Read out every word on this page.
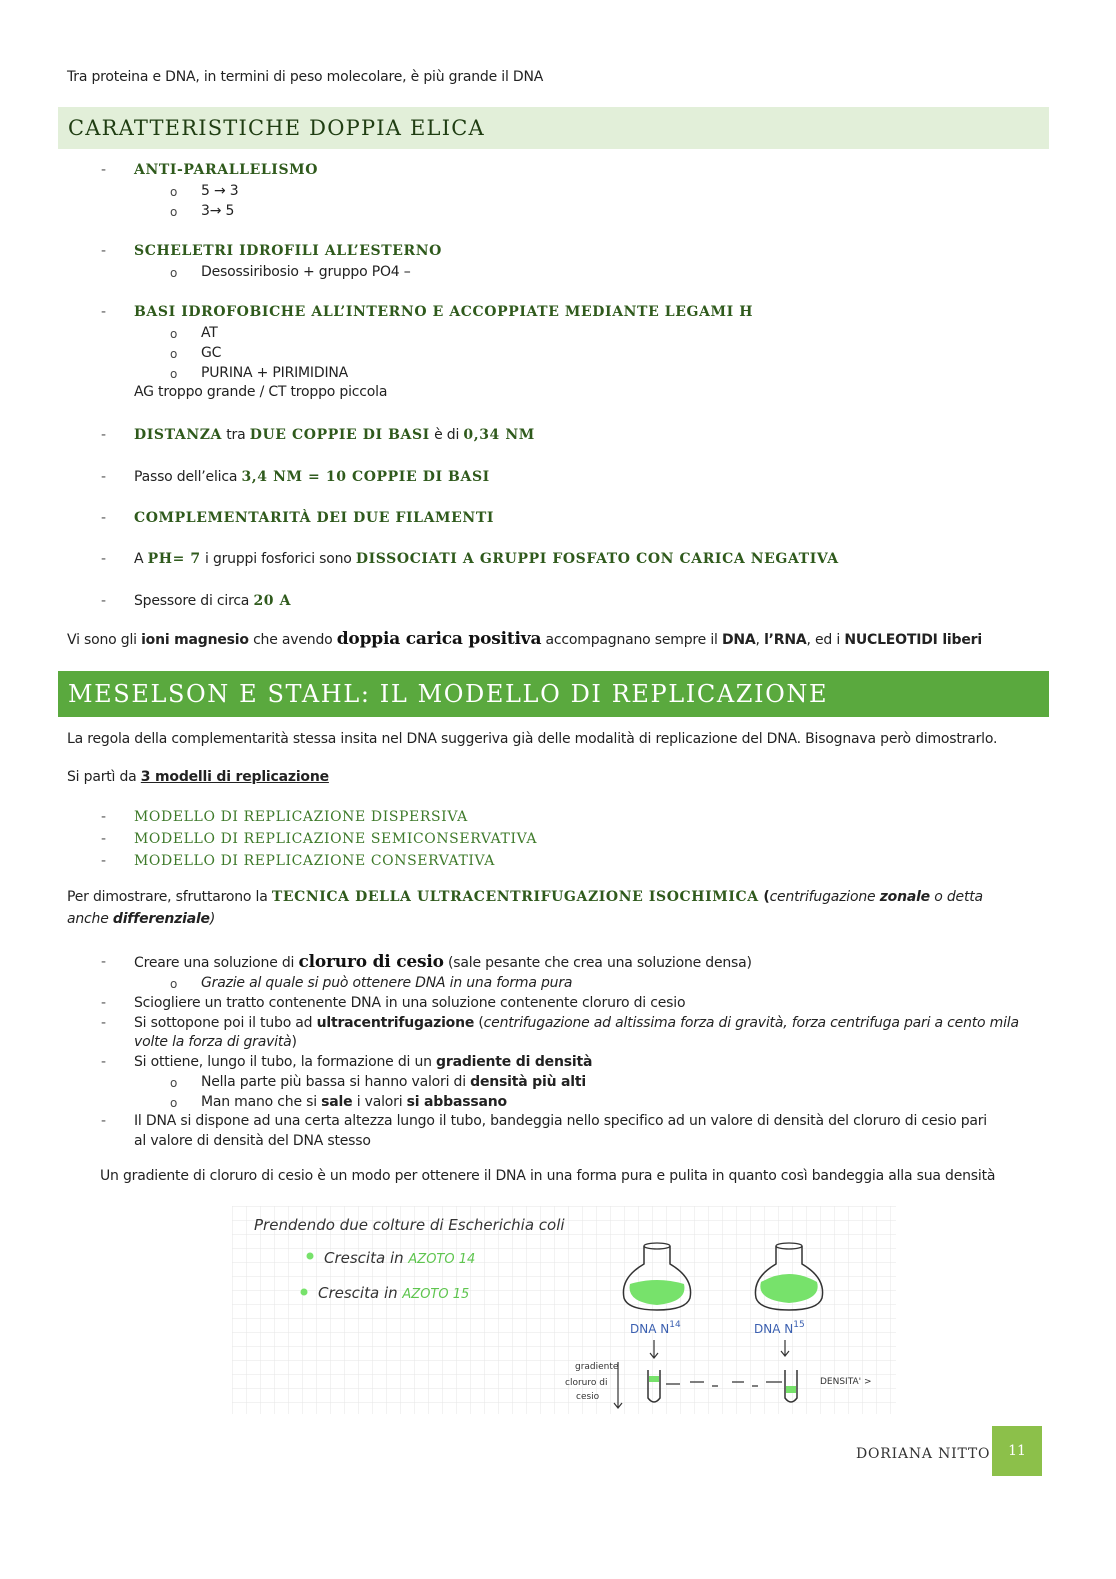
Tra proteina e DNA, in termini di peso molecolare, è più grande il DNA
CARATTERISTICHE DOPPIA ELICA
- ANTI-PARALLELISMO
o 5 → 3
o 3→ 5
- SCHELETRI IDROFILI ALL’ESTERNO
o Desossiribosio + gruppo PO4 –
- BASI IDROFOBICHE ALL’INTERNO E ACCOPPIATE MEDIANTE LEGAMI H
o AT
o GC
o PURINA + PIRIMIDINA
AG troppo grande / CT troppo piccola
- DISTANZA tra DUE COPPIE DI BASI è di 0,34 NM
- Passo dell’elica 3,4 NM = 10 COPPIE DI BASI
- COMPLEMENTARITÀ DEI DUE FILAMENTI
- A PH= 7 i gruppi fosforici sono DISSOCIATI A GRUPPI FOSFATO CON CARICA NEGATIVA
- Spessore di circa 20 A
Vi sono gli ioni magnesio che avendo doppia carica positiva accompagnano sempre il DNA, l’RNA, ed i NUCLEOTIDI liberi
MESELSON E STAHL: IL MODELLO DI REPLICAZIONE
La regola della complementarità stessa insita nel DNA suggeriva già delle modalità di replicazione del DNA. Bisognava però dimostrarlo.
Si partì da 3 modelli di replicazione
- MODELLO DI REPLICAZIONE DISPERSIVA
- MODELLO DI REPLICAZIONE SEMICONSERVATIVA
- MODELLO DI REPLICAZIONE CONSERVATIVA
Per dimostrare, sfruttarono la TECNICA DELLA ULTRACENTRIFUGAZIONE ISOCHIMICA (centrifugazione zonale o detta
anche differenziale)
- Creare una soluzione di cloruro di cesio (sale pesante che crea una soluzione densa)
o Grazie al quale si può ottenere DNA in una forma pura
- Sciogliere un tratto contenente DNA in una soluzione contenente cloruro di cesio
- Si sottopone poi il tubo ad ultracentrifugazione (centrifugazione ad altissima forza di gravità, forza centrifuga pari a cento mila
volte la forza di gravità)
- Si ottiene, lungo il tubo, la formazione di un gradiente di densità
o Nella parte più bassa si hanno valori di densità più alti
o Man mano che si sale i valori si abbassano
- Il DNA si dispone ad una certa altezza lungo il tubo, bandeggia nello specifico ad un valore di densità del cloruro di cesio pari
al valore di densità del DNA stesso
Un gradiente di cloruro di cesio è un modo per ottenere il DNA in una forma pura e pulita in quanto così bandeggia alla sua densità
Prendendo due colture di Escherichia coli
Crescita in AZOTO 14
Crescita in AZOTO 15
DNA $N^{14}$	DNA $N^{15}$
gradiente
cloruro di
cesio
DENSITA' >
DORIANA NITTO	11
